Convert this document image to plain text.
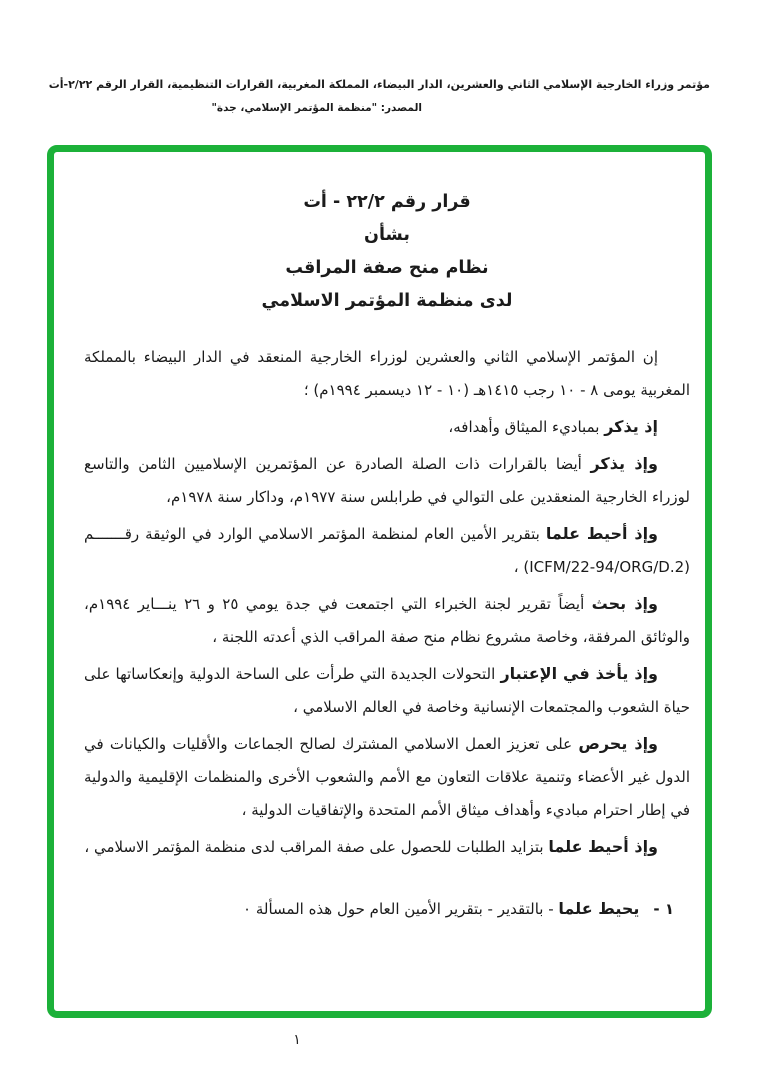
مؤتمر وزراء الخارجية الإسلامي الثاني والعشرين، الدار البيضاء، المملكة المغربية، القرارات التنظيمية، القرار الرقم ٢/٢٢-أت
المصدر: "منظمة المؤتمر الإسلامي، جدة"
قرار رقم ٢٢/٢ - أت
بشأن
نظام منح صفة المراقب
لدى منظمة المؤتمر الاسلامي

إن المؤتمر الإسلامي الثاني والعشرين لوزراء الخارجية المنعقد في الدار البيضاء بالمملكة المغربية يومى ٨ - ١٠ رجب ١٤١٥هـ (١٠ - ١٢ ديسمبر ١٩٩٤م) ؛

إذ يذكر بمباديء الميثاق وأهدافه،

وإذ يذكر أيضا بالقرارات ذات الصلة الصادرة عن المؤتمرين الإسلاميين الثامن والتاسع لوزراء الخارجية المنعقدين على التوالي في طرابلس سنة ١٩٧٧م، وداكار سنة ١٩٧٨م،

وإذ أحيط علما بتقرير الأمين العام لمنظمة المؤتمر الاسلامي الوارد في الوثيقة رقـــــــم (ICFM/22-94/ORG/D.2) ،

وإذ بحث أيضاً تقرير لجنة الخبراء التي اجتمعت في جدة يومي ٢٥ و ٢٦ ينـــاير ١٩٩٤م، والوثائق المرفقة، وخاصة مشروع نظام منح صفة المراقب الذي أعدته اللجنة ،

وإذ يأخذ في الإعتبار التحولات الجديدة التي طرأت على الساحة الدولية وإنعكاساتها على حياة الشعوب والمجتمعات الإنسانية وخاصة في العالم الاسلامي ،

وإذ يحرص على تعزيز العمل الاسلامي المشترك لصالح الجماعات والأقليات والكيانات في الدول غير الأعضاء وتنمية علاقات التعاون مع الأمم والشعوب الأخرى والمنظمات الإقليمية والدولية في إطار احترام مباديء وأهداف ميثاق الأمم المتحدة والإتفاقيات الدولية ،

وإذ أحيط علما بتزايد الطلبات للحصول على صفة المراقب لدى منظمة المؤتمر الاسلامي ،

١ -يحيط علما - بالتقدير - بتقرير الأمين العام حول هذه المسألة ٠

١
